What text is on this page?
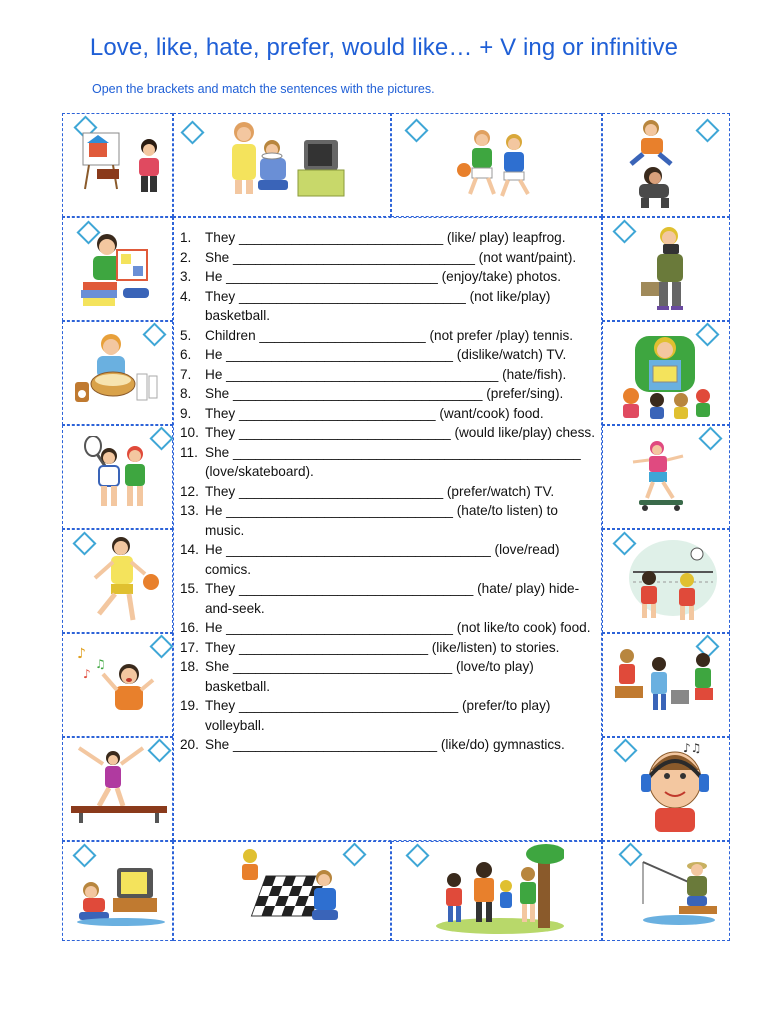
Love, like, hate, prefer, would like… + V ing or infinitive
Open the brackets and match the sentences with the pictures.
♪
♫
♪
♪♫
1. They ___________________________ (like/ play) leapfrog.
2. She ________________________________ (not want/paint).
3. He ____________________________ (enjoy/take) photos.
4. They ______________________________ (not like/play) basketball.
5. Children ______________________ (not prefer /play) tennis.
6. He ______________________________ (dislike/watch) TV.
7. He ____________________________________ (hate/fish).
8. She _________________________________ (prefer/sing).
9. They __________________________ (want/cook) food.
10. They ____________________________ (would like/play) chess.
11. She ______________________________________________ (love/skateboard).
12. They ___________________________ (prefer/watch) TV.
13. He ______________________________ (hate/to listen) to music.
14. He ___________________________________ (love/read) comics.
15. They _______________________________ (hate/ play) hide-and-seek.
16. He ______________________________ (not like/to cook) food.
17. They _________________________ (like/listen) to stories.
18. She _____________________________ (love/to play) basketball.
19. They _____________________________ (prefer/to play) volleyball.
20. She ___________________________ (like/do) gymnastics.
